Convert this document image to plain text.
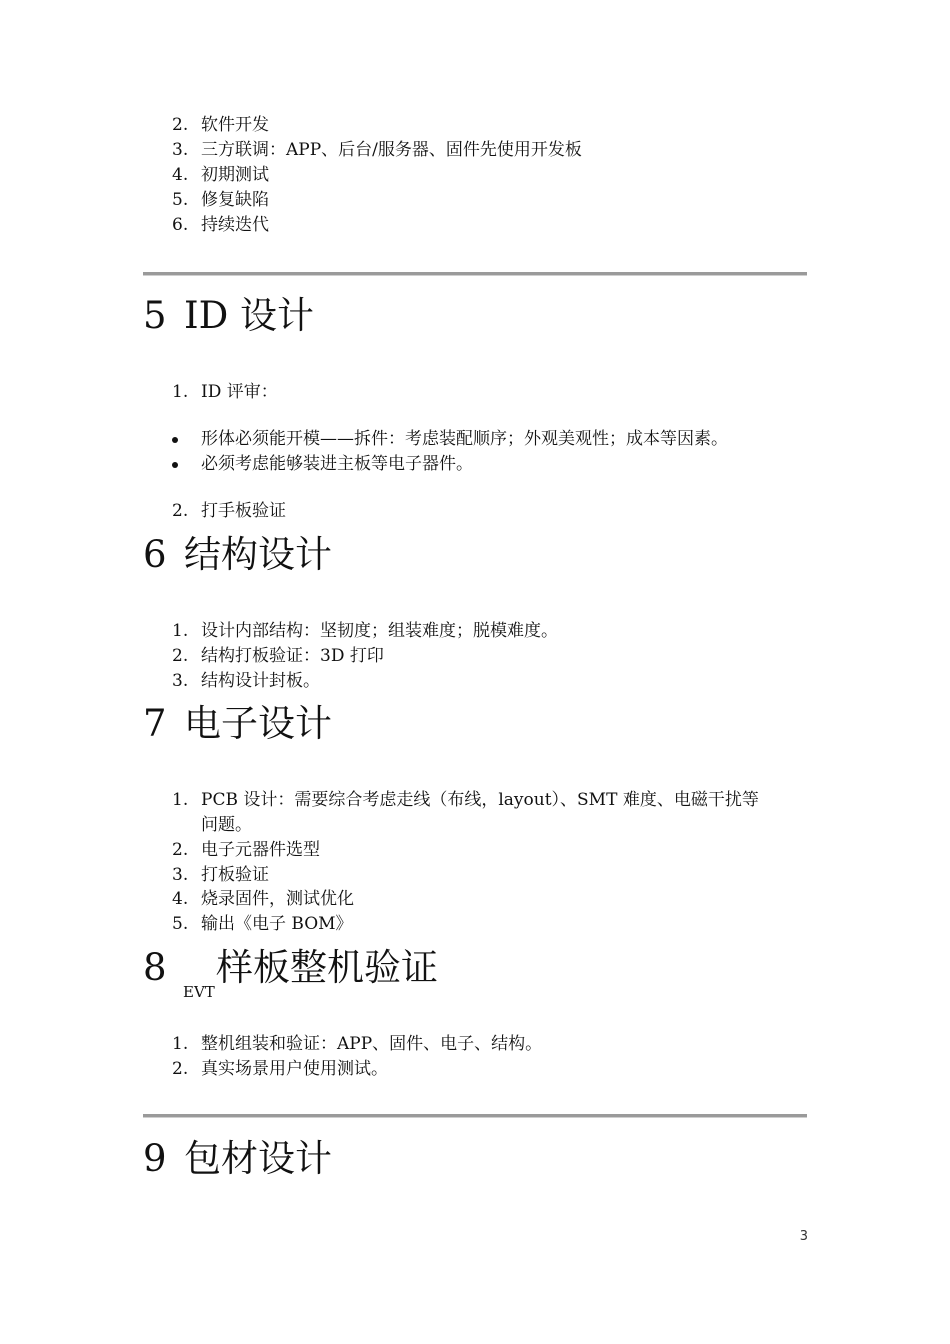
2. 软件开发
3. 三方联调：APP、后台/服务器、固件先使用开发板
4. 初期测试
5. 修复缺陷
6. 持续迭代
5 ID 设计
1. ID 评审：
形体必须能开模——拆件：考虑装配顺序；外观美观性；成本等因素。
必须考虑能够装进主板等电子器件。
2. 打手板验证
6 结构设计
1. 设计内部结构：坚韧度；组装难度；脱模难度。
2. 结构打板验证：3D 打印
3. 结构设计封板。
7 电子设计
1. PCB 设计：需要综合考虑走线（布线，layout）、SMT 难度、电磁干扰等
问题。
2. 电子元器件选型
3. 打板验证
4. 烧录固件，测试优化
5. 输出《电子 BOM》
8
EVT
样板整机验证
1. 整机组装和验证：APP、固件、电子、结构。
2. 真实场景用户使用测试。
9 包材设计
3
